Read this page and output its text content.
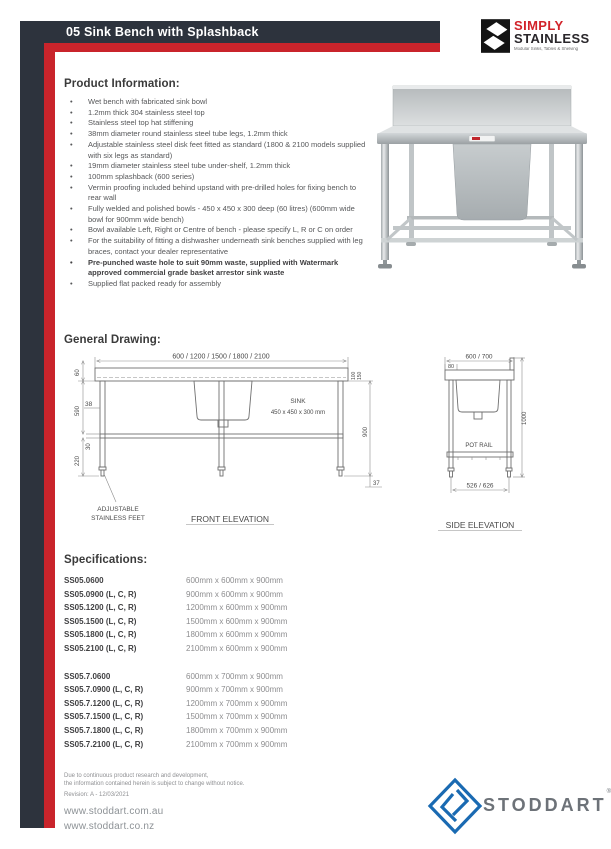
05 Sink Bench with Splashback	SIMPLY
STAINLESS
Modular Sinks, Tables & Shelving
Product Information:
• Wet bench with fabricated sink bowl
• 1.2mm thick 304 stainless steel top
• Stainless steel top hat stiffening
• 38mm diameter round stainless steel tube legs, 1.2mm thick
• Adjustable stainless steel disk feet fitted as standard (1800 & 2100 models supplied with six legs as standard)
• 19mm diameter stainless steel tube under-shelf, 1.2mm thick
• 100mm splashback (600 series)
• Vermin proofing included behind upstand with pre-drilled holes for fixing bench to rear wall
• Fully welded and polished bowls - 450 x 450 x 300 deep (60 litres) (600mm wide bowl for 900mm wide bench)
• Bowl available Left, Right or Centre of bench - please specify L, R or C on order
• For the suitability of fitting a dishwasher underneath sink benches supplied with leg braces, contact your dealer representative
• Pre-punched waste hole to suit 90mm waste, supplied with Watermark approved commercial grade basket arrestor sink waste
• Supplied flat packed ready for assembly
General Drawing:
600 / 1200 / 1500 / 1800 / 2100
60
38
590
30
220
100 150
900
37
SINK
450 x 450 x 300 mm
ADJUSTABLE
STAINLESS FEET	FRONT ELEVATION
600 / 700
80
POT RAIL
1000
526 / 626
SIDE ELEVATION
Specifications:
SS05.0600	600mm x 600mm x 900mm
SS05.0900 (L, C, R)	900mm x 600mm x 900mm
SS05.1200 (L, C, R)	1200mm x 600mm x 900mm
SS05.1500 (L, C, R)	1500mm x 600mm x 900mm
SS05.1800 (L, C, R)	1800mm x 600mm x 900mm
SS05.2100 (L, C, R)	2100mm x 600mm x 900mm
SS05.7.0600	600mm x 700mm x 900mm
SS05.7.0900 (L, C, R)	900mm x 700mm x 900mm
SS05.7.1200 (L, C, R)	1200mm x 700mm x 900mm
SS05.7.1500 (L, C, R)	1500mm x 700mm x 900mm
SS05.7.1800 (L, C, R)	1800mm x 700mm x 900mm
SS05.7.2100 (L, C, R)	2100mm x 700mm x 900mm
Due to continuous product research and development,
the information contained herein is subject to change without notice.
Revision: A - 12/03/2021
www.stoddart.com.au
www.stoddart.co.nz
STODDART®
